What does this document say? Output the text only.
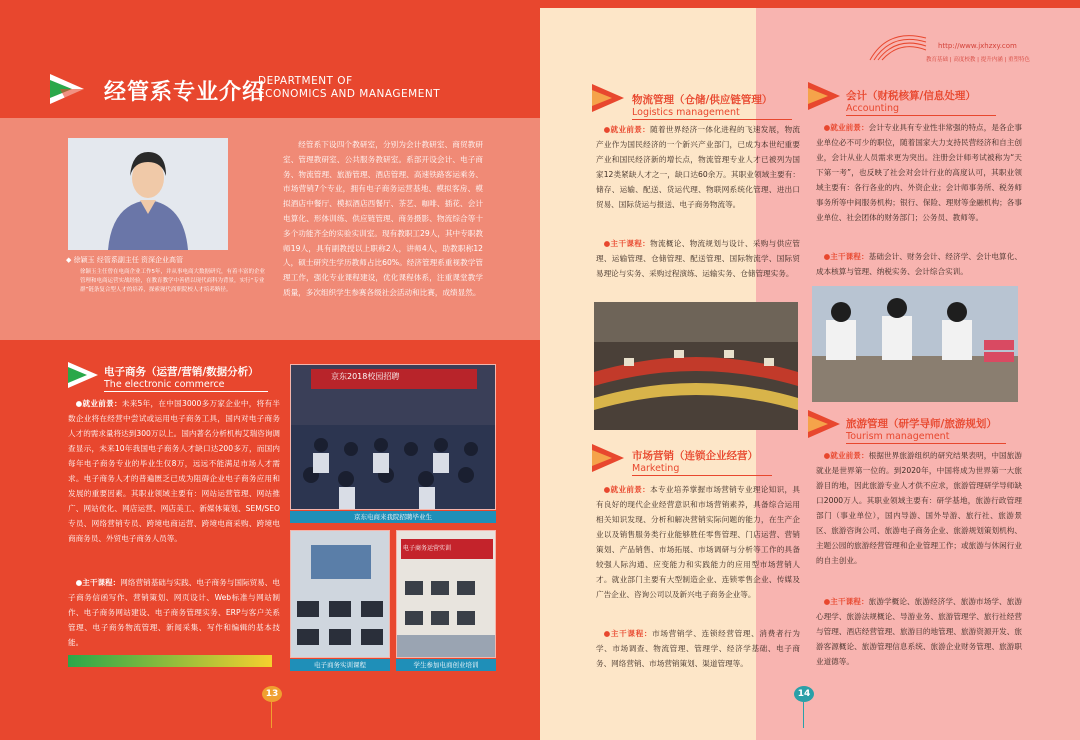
经管系专业介绍
DEPARTMENT OF
ECONOMICS AND MANAGEMENT
http://www.jxhzxy.com
教育基础 | 高度校教 | 提升内涵 | 重塑特色
◆ 徐颖玉 经管系副主任 资深企业高管
徐颖玉主任曾在电商企业工作5年，并从事电商大数据研究，有着丰富的企业管理和电商运营实战经验，在教育教学中善借以现代商科为背景，实行“专业群”链条复合型人才的培养，探索现代商职院校人才培养路径。
经管系下设四个教研室，分别为会计教研室、商贸教研室、管理教研室、公共服务教研室。系部开设会计、电子商务、物流管理、旅游管理、酒店管理、高速铁路客运乘务、市场营销7个专业，拥有电子商务运营基地、模拟客房、模拟酒店中餐厅、模拟酒店西餐厅、茶艺、咖啡、插花、会计电算化、形体训练、供应链管理、商务摄影、物流综合等十多个功能齐全的实验实训室。现有教职工29人，其中专职教师19人，具有副教授以上职称2人，讲师4人，助教职称12人，硕士研究生学历教师占比60%。经济管理系重视教学管理工作，强化专业课程建设，优化课程体系，注重课堂教学质量，多次组织学生参赛各级社会活动和比赛，成绩显然。
电子商务（运营/营销/数据分析）
The electronic commerce
●就业前景：未来5年，在中国3000多万家企业中，将有半数企业将在经营中尝试或运用电子商务工具，国内对电子商务人才的需求量将达到300万以上。国内著名分析机构艾瑞咨询调查显示，未来10年我国电子商务人才缺口达200多万，而国内每年电子商务专业的毕业生仅8万，远远不能满足市场人才需求。电子商务人才的普遍匮乏已成为阻碍企业电子商务应用和发展的重要因素。其职业领域主要有：网站运营管理、网站推广、网站优化、网店运营、网店美工、新媒体策划、SEM/SEO专员、网络营销专员、跨境电商运营、跨境电商采购、跨境电商商务员、外贸电子商务人员等。
●主干课程：网络营销基础与实践、电子商务与国际贸易、电子商务信函写作、营销策划、网页设计、Web标准与网站制作、电子商务网站建设、电子商务管理实务、ERP与客户关系管理、电子商务物流管理、新闻采集、写作和编辑的基本技能。
京东2018校园招聘
京东电商来我院招聘毕业生
电子商务实训课程
电子商务运营实训
学生参加电商创业培训
13
物流管理（仓储/供应链管理）
Logistics management
●就业前景：随着世界经济一体化进程的飞速发展，物流产业作为国民经济的一个新兴产业部门，已成为本世纪重要产业和国民经济新的增长点，物流管理专业人才已被列为国家12类紧缺人才之一，缺口达60余万。其职业领域主要有：储存、运输、配送、货运代理、物联网系统化管理、进出口贸易、国际货运与报送、电子商务物流等。
●主干课程：物流概论、物流规划与设计、采购与供应管理、运输管理、仓储管理、配送管理、国际物流学、国际贸易理论与实务、采购过程演练、运输实务、仓储管理实务。
市场营销（连锁企业经营）
Marketing
●就业前景：本专业培养掌握市场营销专业理论知识，具有良好的现代企业经营意识和市场营销素养，具备综合运用相关知识发现、分析和解决营销实际问题的能力，在生产企业以及销售服务类行业能够胜任零售管理、门店运营、营销策划、产品销售、市场拓展、市场调研与分析等工作的具备较强人际沟通、应变能力和实践能力的应用型市场营销人才。就业部门主要有大型制造企业、连锁零售企业、传媒及广告企业、咨询公司以及新兴电子商务企业等。
●主干课程：市场营销学、连锁经营管理、消费者行为学、市场调查、物流管理、管理学、经济学基础、电子商务、网络营销、市场营销策划、渠道管理等。
会计（财税核算/信息处理）
Accounting
●就业前景：会计专业具有专业性非常强的特点，是各企事业单位必不可少的职位，随着国家大力支持民营经济和自主创业，会计从业人员需求更为突出。注册会计师考试被称为“天下第一考”，也反映了社会对会计行业的高度认可，其职业领域主要有：各行各业的内、外资企业；会计师事务所、税务师事务所等中间服务机构；银行、保险、理财等金融机构；各事业单位、社会团体的财务部门；公务员、教师等。
●主干课程：基础会计、财务会计、经济学、会计电算化、成本核算与管理、纳税实务、会计综合实训。
旅游管理（研学导师/旅游规划）
Tourism management
●就业前景：根据世界旅游组织的研究结果表明，中国旅游就业是世界第一位的。到2020年，中国将成为世界第一大旅游目的地，因此旅游专业人才供不应求，旅游管理研学导师缺口2000万人。其职业领域主要有：研学基地，旅游行政管理部门（事业单位），国内导游、国外导游、旅行社、旅游景区、旅游咨询公司、旅游电子商务企业、旅游规划策划机构、主题公园的旅游经营管理和企业管理工作；或旅游与休闲行业的自主创业。
●主干课程：旅游学概论、旅游经济学、旅游市场学、旅游心理学、旅游法规概论、导游业务、旅游管理学、旅行社经营与管理、酒店经营管理、旅游目的地管理、旅游资源开发、旅游客源概论、旅游管理信息系统、旅游企业财务管理、旅游职业道德等。
14
